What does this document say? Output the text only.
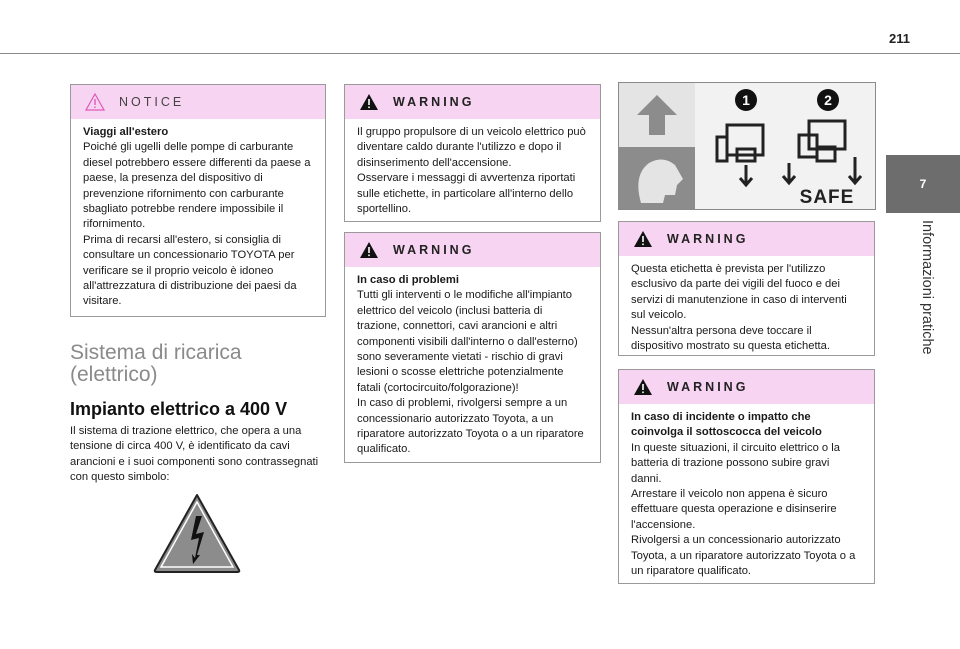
211
NOTICE
Viaggi all'estero

Poiché gli ugelli delle pompe di carburante diesel potrebbero essere differenti da paese a paese, la presenza del dispositivo di prevenzione rifornimento con carburante sbagliato potrebbe rendere impossibile il rifornimento.

Prima di recarsi all'estero, si consiglia di consultare un concessionario TOYOTA per verificare se il proprio veicolo è idoneo all'attrezzatura di distribuzione dei paesi da visitare.

Sistema di ricarica (elettrico)
Impianto elettrico a 400 V

Il sistema di trazione elettrico, che opera a una tensione di circa 400 V, è identificato da cavi arancioni e i suoi componenti sono contrassegnati con questo simbolo:

WARNING

Il gruppo propulsore di un veicolo elettrico può diventare caldo durante l'utilizzo e dopo il disinserimento dell'accensione.

Osservare i messaggi di avvertenza riportati sulle etichette, in particolare all'interno dello sportellino.

WARNING
In caso di problemi

Tutti gli interventi o le modifiche all'impianto elettrico del veicolo (inclusi batteria di trazione, connettori, cavi arancioni e altri componenti visibili dall'interno o dall'esterno) sono severamente vietati - rischio di gravi lesioni o scosse elettriche potenzialmente fatali (cortocircuito/folgorazione)!

In caso di problemi, rivolgersi sempre a un concessionario autorizzato Toyota, a un riparatore autorizzato Toyota o a un riparatore qualificato.

1	2
SAFE
WARNING

Questa etichetta è prevista per l'utilizzo esclusivo da parte dei vigili del fuoco e dei servizi di manutenzione in caso di interventi sul veicolo.

Nessun'altra persona deve toccare il dispositivo mostrato su questa etichetta.

WARNING
In caso di incidente o impatto che coinvolga il sottoscocca del veicolo

In queste situazioni, il circuito elettrico o la batteria di trazione possono subire gravi danni.

Arrestare il veicolo non appena è sicuro effettuare questa operazione e disinserire l'accensione.

Rivolgersi a un concessionario autorizzato Toyota, a un riparatore autorizzato Toyota o a un riparatore qualificato.

7
Informazioni pratiche
